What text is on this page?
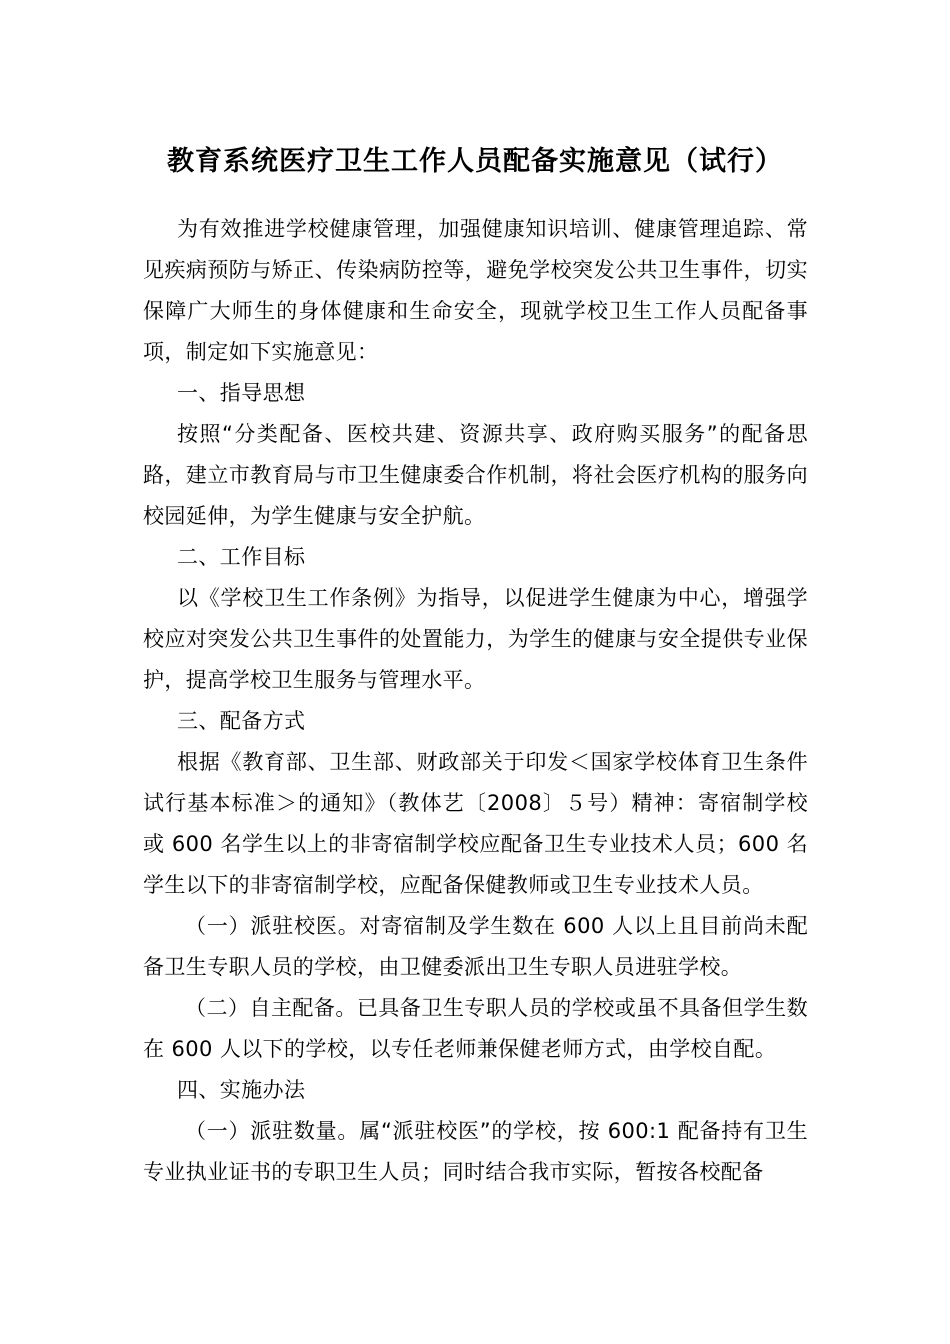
教育系统医疗卫生工作人员配备实施意见（试行）

为有效推进学校健康管理，加强健康知识培训、健康管理追踪、常见疾病预防与矫正、传染病防控等，避免学校突发公共卫生事件，切实保障广大师生的身体健康和生命安全，现就学校卫生工作人员配备事项，制定如下实施意见：

一、指导思想

按照“分类配备、医校共建、资源共享、政府购买服务”的配备思路，建立市教育局与市卫生健康委合作机制，将社会医疗机构的服务向校园延伸，为学生健康与安全护航。

二、工作目标

以《学校卫生工作条例》为指导，以促进学生健康为中心，增强学校应对突发公共卫生事件的处置能力，为学生的健康与安全提供专业保护，提高学校卫生服务与管理水平。

三、配备方式

根据《教育部、卫生部、财政部关于印发＜国家学校体育卫生条件试行基本标准＞的通知》（教体艺〔2008〕５号）精神：寄宿制学校或 600 名学生以上的非寄宿制学校应配备卫生专业技术人员；600 名学生以下的非寄宿制学校，应配备保健教师或卫生专业技术人员。

（一）派驻校医。对寄宿制及学生数在 600 人以上且目前尚未配备卫生专职人员的学校，由卫健委派出卫生专职人员进驻学校。

（二）自主配备。已具备卫生专职人员的学校或虽不具备但学生数在 600 人以下的学校，以专任老师兼保健老师方式，由学校自配。

四、实施办法

（一）派驻数量。属“派驻校医”的学校，按 600:1 配备持有卫生专业执业证书的专职卫生人员；同时结合我市实际，暂按各校配备
